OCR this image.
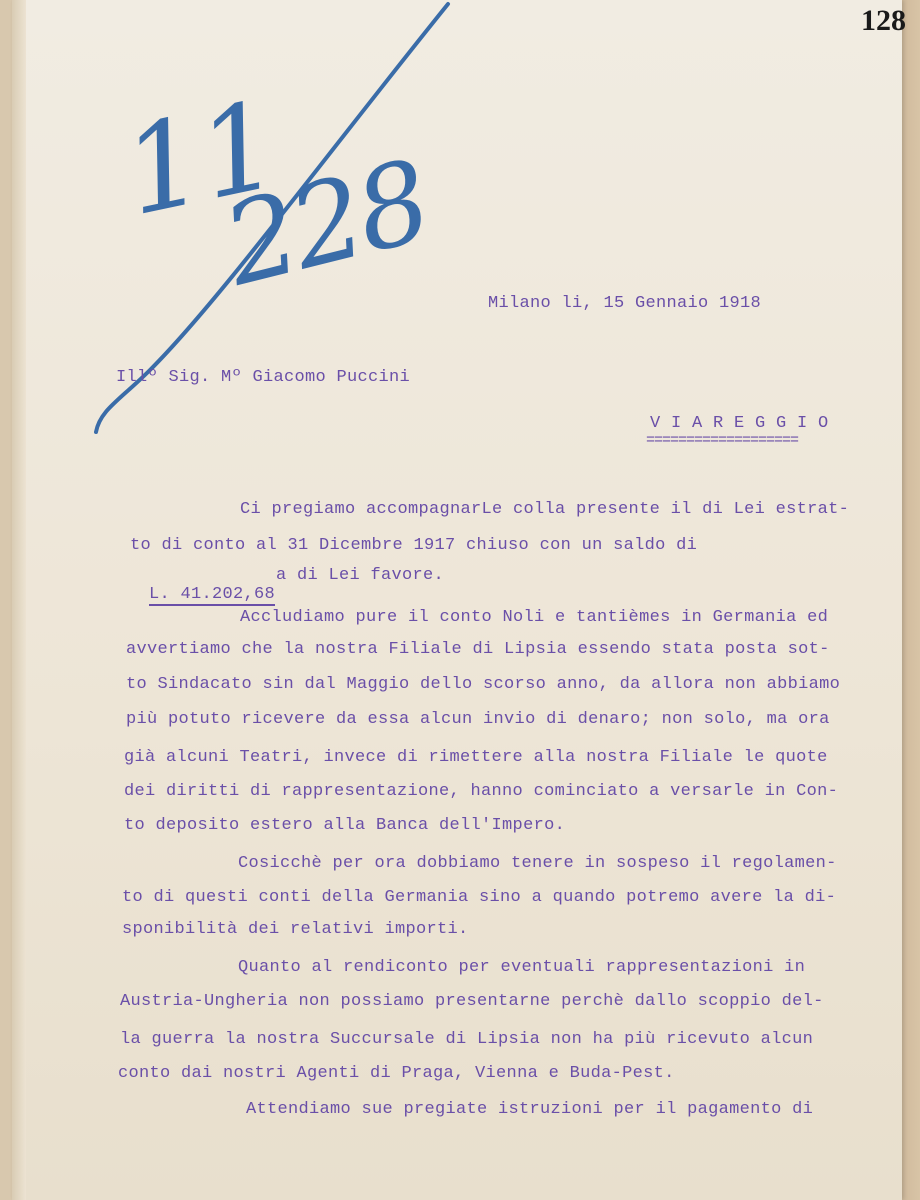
128
11
228	Milano li, 15 Gennaio 1918
Illº Sig. Mº Giacomo Puccini
V I A R E G G I O
===================
Ci pregiamo accompagnarLe colla presente il di Lei estrat-
to di conto al 31 Dicembre 1917 chiuso con un saldo di

L. 41.202,68

a di Lei favore.
Accludiamo pure il conto Noli e tantièmes in Germania ed
avvertiamo che la nostra Filiale di Lipsia essendo stata posta sot-
to Sindacato sin dal Maggio dello scorso anno, da allora non abbiamo
più potuto ricevere da essa alcun invio di denaro; non solo, ma ora
già alcuni Teatri, invece di rimettere alla nostra Filiale le quote
dei diritti di rappresentazione, hanno cominciato a versarle in Con-
to deposito estero alla Banca dell'Impero.
Cosicchè per ora dobbiamo tenere in sospeso il regolamen-
to di questi conti della Germania sino a quando potremo avere la di-
sponibilità dei relativi importi.
Quanto al rendiconto per eventuali rappresentazioni in
Austria-Ungheria non possiamo presentarne perchè dallo scoppio del-
la guerra la nostra Succursale di Lipsia non ha più ricevuto alcun
conto dai nostri Agenti di Praga, Vienna e Buda-Pest.
Attendiamo sue pregiate istruzioni per il pagamento di
